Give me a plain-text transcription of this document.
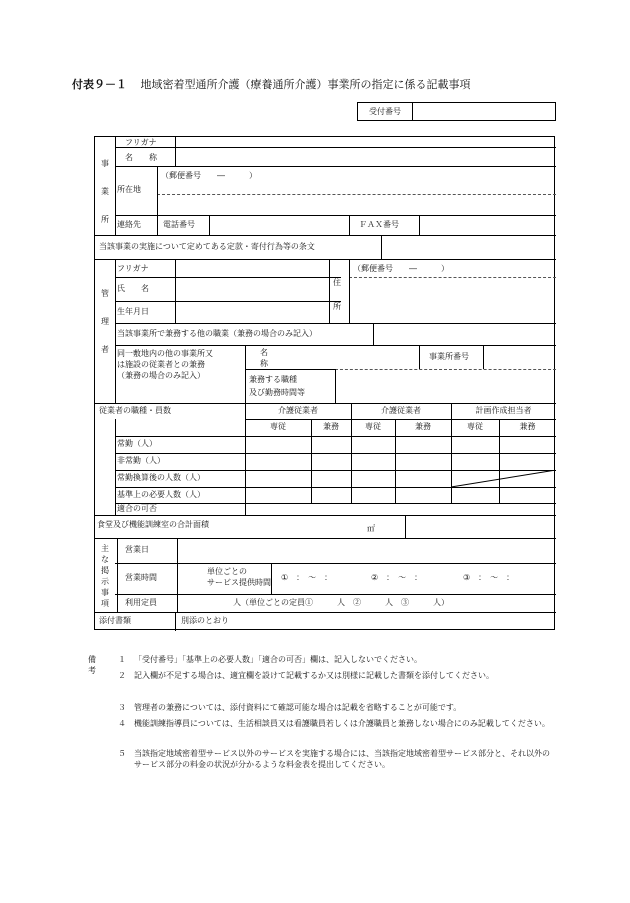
付表９－１ 地域密着型通所介護（療養通所介護）事業所の指定に係る記載事項
受付番号
事

業

所
フリガナ
名　　称
所在地
（郵便番号　　―　　　）
連絡先	電話番号	ＦＡＸ番号
当該事業の実施について定めてある定款・寄付行為等の条文
管

理

者
フリガナ
氏　　名
生年月日
住

所
（郵便番号　　―　　　）
当該事業所で兼務する他の職業（兼務の場合のみ記入）
同一敷地内の他の事業所又
は施設の従業者との兼務
（兼務の場合のみ記入）
名
称
事業所番号
兼務する職種
及び勤務時間等
従業者の職種・員数	介護従業者	介護従業者	計画作成担当者
専従	兼務	専従	兼務	専従	兼務
常勤（人）
非常勤（人）
常勤換算後の人数（人）
基準上の必要人数（人）
適合の可否
食堂及び機能訓練室の合計面積	㎡
主
な
掲
示
事
項
営業日
営業時間
単位ごとの
サービス提供時間
①　：　～　：	②　：　～　：	③　：　～　：
利用定員	人（単位ごとの定員①　　　人　②　　　人　③　　　人）
添付書類	別添のとおり
備考
１ 「受付番号」「基準上の必要人数」「適合の可否」欄は、記入しないでください。
２ 記入欄が不足する場合は、適宜欄を設けて記載するか又は別様に記載した書類を添付してください。
３ 管理者の兼務については、添付資料にて確認可能な場合は記載を省略することが可能です。
４ 機能訓練指導員については、生活相談員又は看護職員若しくは介護職員と兼務しない場合にのみ記載してください。
５ 当該指定地域密着型サービス以外のサービスを実施する場合には、当該指定地域密着型サービス部分と、それ以外のサービス部分の料金の状況が分かるような料金表を提出してください。
